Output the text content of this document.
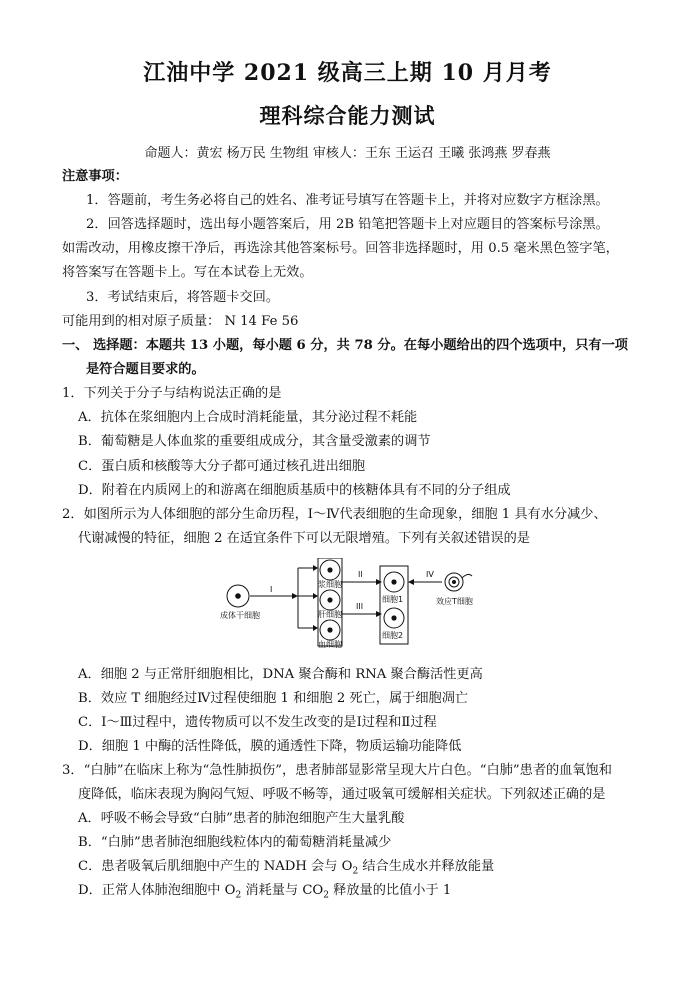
江油中学 2021 级高三上期 10 月月考
理科综合能力测试
命题人：黄宏 杨万民 生物组 审核人：王东 王运召 王曦 张鸿燕 罗春燕
注意事项：
1．答题前，考生务必将自己的姓名、准考证号填写在答题卡上，并将对应数字方框涂黑。
2．回答选择题时，选出每小题答案后，用 2B 铅笔把答题卡上对应题目的答案标号涂黑。
如需改动，用橡皮擦干净后，再选涂其他答案标号。回答非选择题时，用 0.5 毫米黑色签字笔，
将答案写在答题卡上。写在本试卷上无效。
3．考试结束后，将答题卡交回。
可能用到的相对原子质量： N 14 Fe 56
一、 选择题：本题共 13 小题，每小题 6 分，共 78 分。在每小题给出的四个选项中，只有一项
是符合题目要求的。
1．下列关于分子与结构说法正确的是
A．抗体在浆细胞内上合成时消耗能量，其分泌过程不耗能
B．葡萄糖是人体血浆的重要组成成分，其含量受激素的调节
C．蛋白质和核酸等大分子都可通过核孔进出细胞
D．附着在内质网上的和游离在细胞质基质中的核糖体具有不同的分子组成
2．如图所示为人体细胞的部分生命历程，Ⅰ～Ⅳ代表细胞的生命现象，细胞 1 具有水分减少、
代谢减慢的特征，细胞 2 在适宜条件下可以无限增殖。下列有关叙述错误的是
成体干细胞
I
浆细胞
肝细胞
血细胞
II
III
细胞1
细胞2
IV
效应T细胞
A．细胞 2 与正常肝细胞相比，DNA 聚合酶和 RNA 聚合酶活性更高
B．效应 T 细胞经过Ⅳ过程使细胞 1 和细胞 2 死亡，属于细胞凋亡
C．Ⅰ～Ⅲ过程中，遗传物质可以不发生改变的是Ⅰ过程和Ⅱ过程
D．细胞 1 中酶的活性降低，膜的通透性下降，物质运输功能降低
3．“白肺”在临床上称为“急性肺损伤”，患者肺部显影常呈现大片白色。“白肺”患者的血氧饱和
度降低，临床表现为胸闷气短、呼吸不畅等，通过吸氧可缓解相关症状。下列叙述正确的是
A．呼吸不畅会导致“白肺”患者的肺泡细胞产生大量乳酸
B．“白肺”患者肺泡细胞线粒体内的葡萄糖消耗量减少
C．患者吸氧后肌细胞中产生的 NADH 会与 $O_2$ 结合生成水并释放能量
D．正常人体肺泡细胞中 $O_2$ 消耗量与 $CO_2$ 释放量的比值小于 1
